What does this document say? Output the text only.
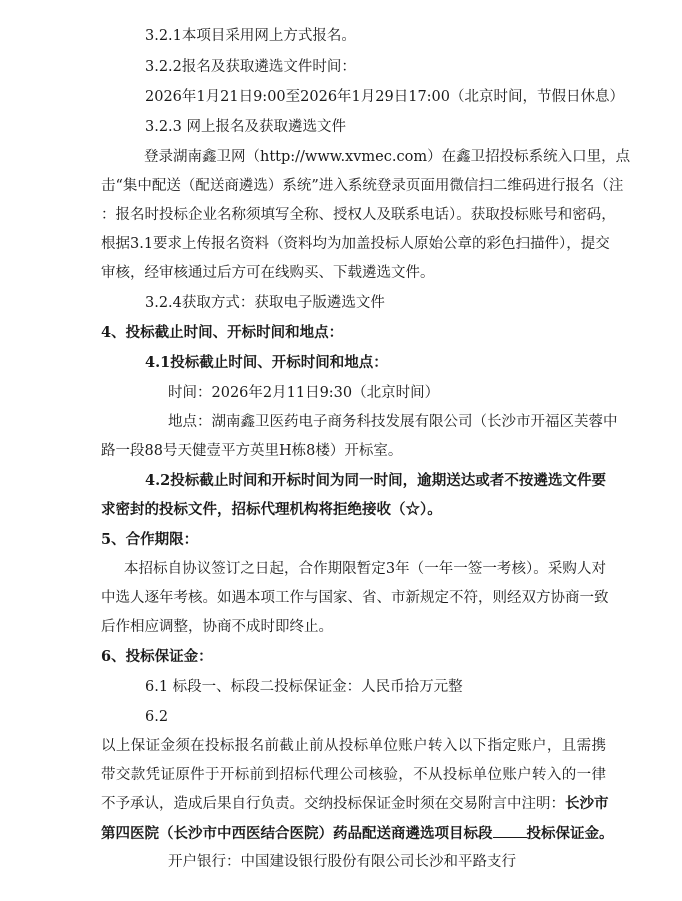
3.2.1本项目采用网上方式报名。
3.2.2报名及获取遴选文件时间：
2026年1月21日9:00至2026年1月29日17:00（北京时间，节假日休息）
3.2.3 网上报名及获取遴选文件
登录湖南鑫卫网（http://www.xvmec.com）在鑫卫招投标系统入口里，点
击“集中配送（配送商遴选）系统”进入系统登录页面用微信扫二维码进行报名（注
：报名时投标企业名称须填写全称、授权人及联系电话）。获取投标账号和密码，
根据3.1要求上传报名资料（资料均为加盖投标人原始公章的彩色扫描件），提交
审核，经审核通过后方可在线购买、下载遴选文件。
3.2.4获取方式：获取电子版遴选文件
4、投标截止时间、开标时间和地点：
4.1投标截止时间、开标时间和地点：
时间：2026年2月11日9:30（北京时间）
地点：湖南鑫卫医药电子商务科技发展有限公司（长沙市开福区芙蓉中
路一段88号天健壹平方英里H栋8楼）开标室。
4.2投标截止时间和开标时间为同一时间，逾期送达或者不按遴选文件要
求密封的投标文件，招标代理机构将拒绝接收（☆）。
5、合作期限：
本招标自协议签订之日起，合作期限暂定3年（一年一签一考核）。采购人对
中选人逐年考核。如遇本项工作与国家、省、市新规定不符，则经双方协商一致
后作相应调整，协商不成时即终止。
6、投标保证金：
6.1 标段一、标段二投标保证金：人民币拾万元整
6.2
以上保证金须在投标报名前截止前从投标单位账户转入以下指定账户，且需携
带交款凭证原件于开标前到招标代理公司核验，不从投标单位账户转入的一律
不予承认，造成后果自行负责。交纳投标保证金时须在交易附言中注明：长沙市
第四医院（长沙市中西医结合医院）药品配送商遴选项目标段 投标保证金。
开户银行：中国建设银行股份有限公司长沙和平路支行
